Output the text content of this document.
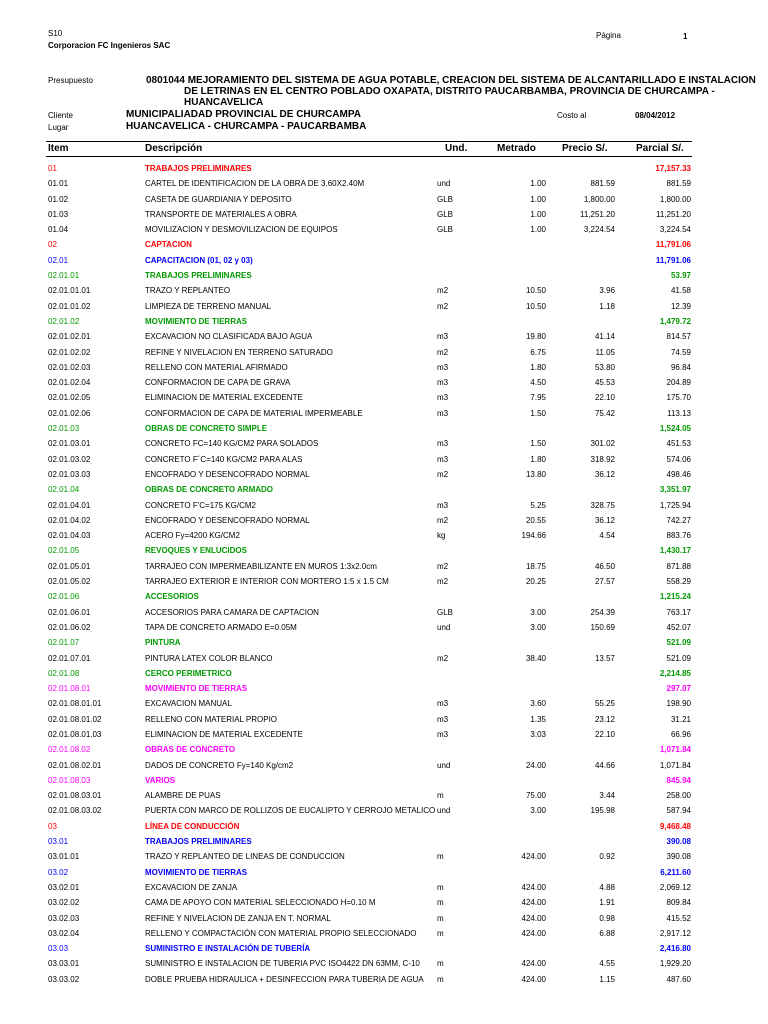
S10
Corporacion FC Ingenieros SAC
Página	1
Presupuesto	0801044 MEJORAMIENTO DEL SISTEMA DE AGUA POTABLE, CREACION DEL SISTEMA DE ALCANTARILLADO E INSTALACION
DE LETRINAS EN EL CENTRO POBLADO OXAPATA, DISTRITO PAUCARBAMBA, PROVINCIA DE CHURCAMPA -
HUANCAVELICA
Cliente	MUNICIPALIADAD PROVINCIAL DE CHURCAMPA	Costo al	08/04/2012
Lugar	HUANCAVELICA - CHURCAMPA - PAUCARBAMBA
Item	Descripción	Und.	Metrado	Precio S/.	Parcial S/.
01	TRABAJOS PRELIMINARES	17,157.33
01.01	CARTEL DE IDENTIFICACION DE LA OBRA DE 3.60X2.40M	und	1.00	881.59	881.59
01.02	CASETA DE GUARDIANIA Y DEPOSITO	GLB	1.00	1,800.00	1,800.00
01.03	TRANSPORTE DE MATERIALES A OBRA	GLB	1.00	11,251.20	11,251.20
01.04	MOVILIZACION Y DESMOVILIZACION DE EQUIPOS	GLB	1.00	3,224.54	3,224.54
02	CAPTACION	11,791.06
02.01	CAPACITACION (01, 02 y 03)	11,791.06
02.01.01	TRABAJOS PRELIMINARES	53.97
02.01.01.01	TRAZO Y REPLANTEO	m2	10.50	3.96	41.58
02.01.01.02	LIMPIEZA DE TERRENO MANUAL	m2	10.50	1.18	12.39
02.01.02	MOVIMIENTO DE TIERRAS	1,479.72
02.01.02.01	EXCAVACION NO CLASIFICADA BAJO AGUA	m3	19.80	41.14	814.57
02.01.02.02	REFINE Y NIVELACION EN TERRENO SATURADO	m2	6.75	11.05	74.59
02.01.02.03	RELLENO CON MATERIAL AFIRMADO	m3	1.80	53.80	96.84
02.01.02.04	CONFORMACION DE CAPA DE GRAVA	m3	4.50	45.53	204.89
02.01.02.05	ELIMINACION DE MATERIAL EXCEDENTE	m3	7.95	22.10	175.70
02.01.02.06	CONFORMACION DE CAPA DE MATERIAL IMPERMEABLE	m3	1.50	75.42	113.13
02.01.03	OBRAS DE CONCRETO SIMPLE	1,524.05
02.01.03.01	CONCRETO FC=140 KG/CM2 PARA SOLADOS	m3	1.50	301.02	451.53
02.01.03.02	CONCRETO F´C=140 KG/CM2 PARA ALAS	m3	1.80	318.92	574.06
02.01.03.03	ENCOFRADO Y DESENCOFRADO NORMAL	m2	13.80	36.12	498.46
02.01.04	OBRAS DE CONCRETO ARMADO	3,351.97
02.01.04.01	CONCRETO F'C=175 KG/CM2	m3	5.25	328.75	1,725.94
02.01.04.02	ENCOFRADO Y DESENCOFRADO NORMAL	m2	20.55	36.12	742.27
02.01.04.03	ACERO Fy=4200 KG/CM2	kg	194.66	4.54	883.76
02.01.05	REVOQUES Y ENLUCIDOS	1,430.17
02.01.05.01	TARRAJEO CON IMPERMEABILIZANTE EN MUROS 1:3x2.0cm	m2	18.75	46.50	871.88
02.01.05.02	TARRAJEO EXTERIOR E INTERIOR CON MORTERO 1:5 x 1.5 CM	m2	20.25	27.57	558.29
02.01.06	ACCESORIOS	1,215.24
02.01.06.01	ACCESORIOS PARA CAMARA DE CAPTACION	GLB	3.00	254.39	763.17
02.01.06.02	TAPA DE CONCRETO ARMADO E=0.05M	und	3.00	150.69	452.07
02.01.07	PINTURA	521.09
02.01.07.01	PINTURA LATEX COLOR BLANCO	m2	38.40	13.57	521.09
02.01.08	CERCO PERIMETRICO	2,214.85
02.01.08.01	MOVIMIENTO DE TIERRAS	297.07
02.01.08.01.01	EXCAVACION MANUAL	m3	3.60	55.25	198.90
02.01.08.01.02	RELLENO CON MATERIAL PROPIO	m3	1.35	23.12	31.21
02.01.08.01.03	ELIMINACION DE MATERIAL EXCEDENTE	m3	3.03	22.10	66.96
02.01.08.02	OBRAS DE CONCRETO	1,071.84
02.01.08.02.01	DADOS DE CONCRETO Fy=140 Kg/cm2	und	24.00	44.66	1,071.84
02.01.08.03	VARIOS	845.94
02.01.08.03.01	ALAMBRE DE PUAS	m	75.00	3.44	258.00
02.01.08.03.02	PUERTA CON MARCO DE ROLLIZOS DE EUCALIPTO Y CERROJO METALICO und	3.00	195.98	587.94
03	LÍNEA DE CONDUCCIÓN	9,468.48
03.01	TRABAJOS PRELIMINARES	390.08
03.01.01	TRAZO Y REPLANTEO DE LINEAS DE CONDUCCION	m	424.00	0.92	390.08
03.02	MOVIMIENTO DE TIERRAS	6,211.60
03.02.01	EXCAVACION DE ZANJA	m	424.00	4.88	2,069.12
03.02.02	CAMA DE APOYO CON MATERIAL SELECCIONADO H=0.10 M	m	424.00	1.91	809.84
03.02.03	REFINE Y NIVELACION DE ZANJA EN T. NORMAL	m	424.00	0.98	415.52
03.02.04	RELLENO Y COMPACTACIÓN CON MATERIAL PROPIO SELECCIONADO	m	424.00	6.88	2,917.12
03.03	SUMINISTRO E INSTALACIÓN DE TUBERÍA	2,416.80
03.03.01	SUMINISTRO E INSTALACION DE TUBERIA PVC ISO4422 DN 63MM, C-10 m	424.00	4.55	1,929.20
03.03.02	DOBLE PRUEBA HIDRAULICA + DESINFECCION PARA TUBERIA DE AGUA m	424.00	1.15	487.60
